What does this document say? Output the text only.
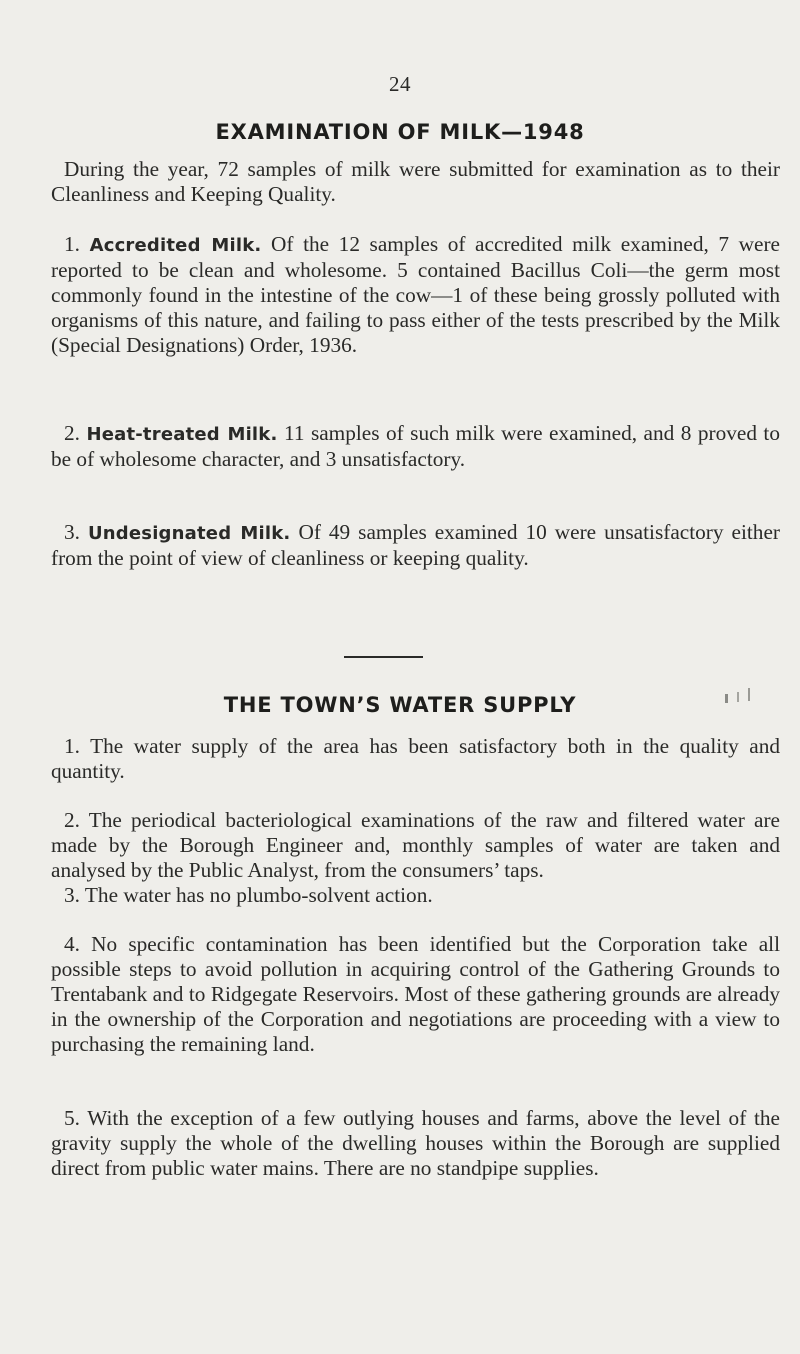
24
EXAMINATION OF MILK—1948

During the year, 72 samples of milk were submitted for examination as to their Cleanliness and Keeping Quality.

1. Accredited Milk. Of the 12 samples of accredited milk examined, 7 were reported to be clean and wholesome. 5 contained Bacillus Coli—the germ most commonly found in the intestine of the cow—1 of these being grossly polluted with organisms of this nature, and failing to pass either of the tests prescribed by the Milk (Special Designations) Order, 1936.

2. Heat-treated Milk. 11 samples of such milk were examined, and 8 proved to be of wholesome character, and 3 unsatisfactory.

3. Undesignated Milk. Of 49 samples examined 10 were unsatisfactory either from the point of view of cleanliness or keeping quality.

THE TOWN’S WATER SUPPLY

1. The water supply of the area has been satisfactory both in the quality and quantity.

2. The periodical bacteriological examinations of the raw and filtered water are made by the Borough Engineer and, monthly samples of water are taken and analysed by the Public Analyst, from the consumers’ taps.

3. The water has no plumbo-solvent action.

4. No specific contamination has been identified but the Corporation take all possible steps to avoid pollution in acquiring control of the Gathering Grounds to Trentabank and to Ridgegate Reservoirs. Most of these gathering grounds are already in the ownership of the Corporation and negotiations are proceeding with a view to purchasing the remaining land.

5. With the exception of a few outlying houses and farms, above the level of the gravity supply the whole of the dwelling houses within the Borough are supplied direct from public water mains. There are no standpipe supplies.
